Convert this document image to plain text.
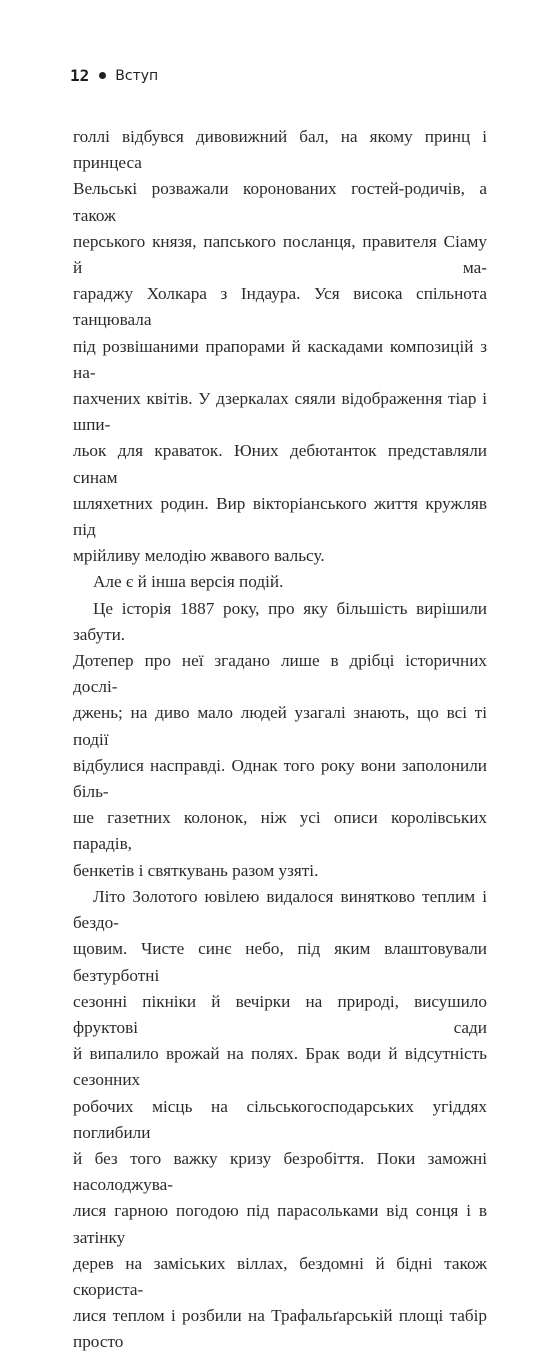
12 Вступ

голлі відбувся дивовижний бал, на якому принц і принцеса

Вельські розважали коронованих гостей-родичів, а також

перського князя, папського посланця, правителя Сіаму й ма-

гараджу Холкара з Індаура. Уся висока спільнота танцювала

під розвішаними прапорами й каскадами композицій з на-

пахчених квітів. У дзеркалах сяяли відображення тіар і шпи-

льок для краваток. Юних дебютанток представляли синам

шляхетних родин. Вир вікторіанського життя кружляв під

мрійливу мелодію жвавого вальсу.

Але є й інша версія подій.

Це історія 1887 року, про яку більшість вирішили забути.

Дотепер про неї згадано лише в дрібці історичних дослі-

джень; на диво мало людей узагалі знають, що всі ті події

відбулися насправді. Однак того року вони заполонили біль-

ше газетних колонок, ніж усі описи королівських парадів,

бенкетів і святкувань разом узяті.

Літо Золотого ювілею видалося винятково теплим і бездо-

щовим. Чисте синє небо, під яким влаштовували безтурботні

сезонні пікніки й вечірки на природі, висушило фруктові сади

й випалило врожай на полях. Брак води й відсутність сезонних

робочих місць на сільськогосподарських угіддях поглибили

й без того важку кризу безробіття. Поки заможні насолоджува-

лися гарною погодою під парасольками від сонця і в затінку

дерев на заміських віллах, бездомні й бідні також скориста-

лися теплом і розбили на Трафальґарській площі табір просто
